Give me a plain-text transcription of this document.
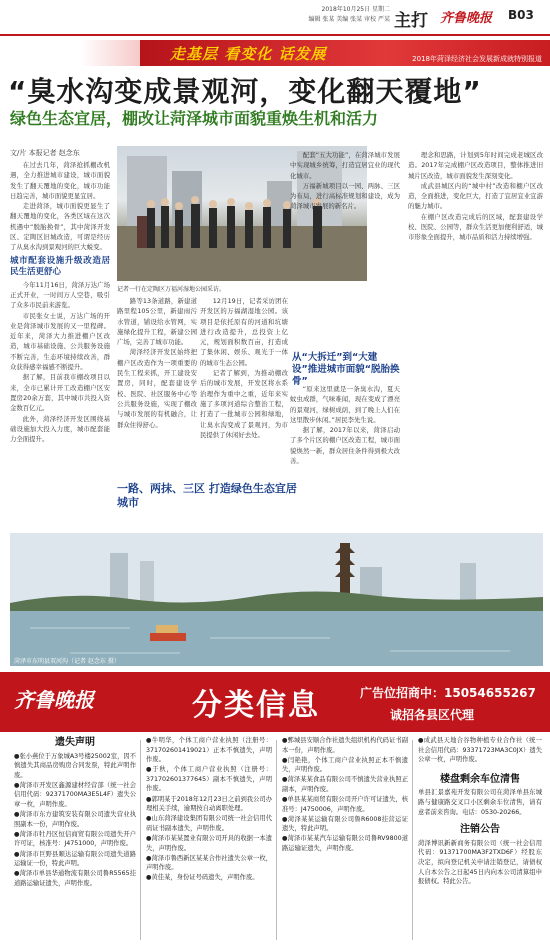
2018年10月25日 星期二
编辑 张某 美编 张某 审校 严某 主打 齐鲁晚报 B03
走基层 看变化 话发展	2018年菏泽经济社会发展新成就特别报道
“臭水沟变成景观河，变化翻天覆地”
绿色生态宜居，棚改让菏泽城市面貌重焕生机和活力
文/片 本报记者 赵念东

在过去几年，菏泽抢抓棚改机遇，全力推进城市建设，城市面貌发生了翻天覆地的变化，城市功能日趋完善，城市面貌更显宜居。

走进菏泽，城市面貌更显生了翻天覆地的变化，各类区域在这次机遇中“脱胎换骨”，其中菏泽开发区、定陶区旧城改造，可谓是经历了从臭水沟到景观河的巨大蜕变。

城市配套设施升级改造居民生活更舒心

今年11月16日，菏泽万达广场正式开业，一时间万人空巷，吸引了众多市民前来游览。

市民张女士说，万达广场的开业是菏泽城市发展的又一里程碑。近年来，菏泽大力推进棚户区改造，城市基础设施、公共服务设施不断完善，生态环境持续改善，群众获得感幸福感不断提升。

据了解，目前我市棚改项目以来，全市已累计开工改造棚户区安置房20余万套，其中城市共投入资金数百亿元。

此外，菏泽经济开发区围绕基础设施加大投入力度，城市配套能力全面提升。

记者一行在定陶区万福河湿地公园采访。

路等13条道路，新建道路里程105公里，新建雨污水管道，铺设给水管网，实施绿化提升工程，新建公园广场，完善了城市功能。

菏泽经济开发区始终把棚户区改造作为一项重要的民生工程来抓，开工建设安置房，同时，配套建设学校、医院、社区服务中心等公共服务设施，实现了棚改与城市发展的有机融合，让群众住得舒心。

一路、两抹、三区 打造绿色生态宜居城市

12月19日，记者采访团在开发区的万福湖湿地公园。该项目是依托原有的河道和坑塘进行改造提升，总投资上亿元，规划面积数百亩，打造成了集休闲、娱乐、观光于一体的城市生态公园。

记者了解到，为推动棚改后的城市发展，开发区将水系治理作为重中之重，近年来实施了多项河道综合整治工程，打造了一批城市公园和绿地，让臭水沟变成了景观河，为市民提供了休闲好去处。

配套“五大功能”，在菏泽城市发展中实现城乡统筹，打造宜居宜业的现代化城市。

万福新城项目以一园、两脉、三区为布局，进行高标准规划和建设，成为菏泽城市发展的新名片。

从“大拆迁”到“大建设”推进城市面貌“脱胎换骨”

“原来这里就是一条臭水沟，夏天蚊虫成群，气味难闻，现在变成了漂亮的景观河，绿树成荫，到了晚上人们在这里散步休闲。”居民李先生说。

据了解，2017年以来，菏泽启动了多个片区的棚户区改造工程，城市面貌焕然一新，群众居住条件得到极大改善。

理念和思路，计划到5年时间完成老城区改造。2017年完成棚户区改造项目，整体推进旧城片区改造，城市面貌发生深刻变化。

成武县城区内的“城中村”改造和棚户区改造，全面推进，变化巨大，打造了宜居宜业宜游的魅力城市。

在棚户区改造完成后的区域，配套建设学校、医院、公园等，群众生活更加便利舒适，城市形象全面提升，城市品质和活力持续增强。

菏泽市东明县双河沟（记者 赵念东 摄）
齐鲁晚报	分类信息	广告位招商中：15054655267
诚招各县区代理
遗失声明

●张小燕位于万象城A3号楼25002室，因不慎遗失其商品房购房合同发票，特此声明作废。

●菏泽市开发区鑫源建材经营部（统一社会信用代码：92371700MA3E5L4F）遗失公章一枚，声明作废。

●菏泽市东方建筑安装有限公司遗失营业执照副本一份，声明作废。

●菏泽市牡丹区恒信商贸有限公司遗失开户许可证，核准号：J4751000，声明作废。

●菏泽市巨野县顺达运输有限公司遗失道路运输证一份，特此声明。

●菏泽市单县华通物流有限公司鲁R5565挂道路运输证遗失，声明作废。

●牛明华，个体工商户营业执照（注册号：371702601419021）正本不慎遗失，声明作废。

●于秋，个体工商户营业执照（注册号：371702601377645）副本不慎遗失，声明作废。

●郭明某于2018年12月23日之前到我公司办理相关手续，逾期按自动离职处理。

●山东菏泽建设集团有限公司统一社会信用代码证书副本遗失，声明作废。

●菏泽市某某置业有限公司开具的收据一本遗失，声明作废。

●菏泽市鲁西新区某某合作社遗失公章一枚，声明作废。

●黄佳某，身份证号码遗失，声明作废。

●鄄城县安顺合作社遗失组织机构代码证书副本一份，声明作废。

●闫艳艳，个体工商户营业执照正本不慎遗失，声明作废。

●菏泽某某食品有限公司不慎遗失营业执照正副本，声明作废。

●单县某某商贸有限公司开户许可证遗失，核准号：J4750006，声明作废。

●菏泽某某运输有限公司鲁R6008挂营运证遗失，特此声明。

●菏泽市某某汽车运输有限公司鲁RV9800道路运输证遗失，声明作废。

●成武县天地合谷物种植专业合作社（统一社会信用代码：93371723MA3C0JX）遗失公章一枚，声明作废。

楼盘剩余车位清售

单县汇景嘉苑开发有限公司在菏泽单县东城路与健康路交叉口小区剩余车位清售，请有意者前来咨询。电话：0530-20266。

注销公告

菏泽博讯新新商务有限公司（统一社会信用代码：91371700MA3F2TXD6F）经股东决定，拟向登记机关申请注销登记，请债权人自本公告之日起45日内向本公司清算组申报债权。特此公告。
